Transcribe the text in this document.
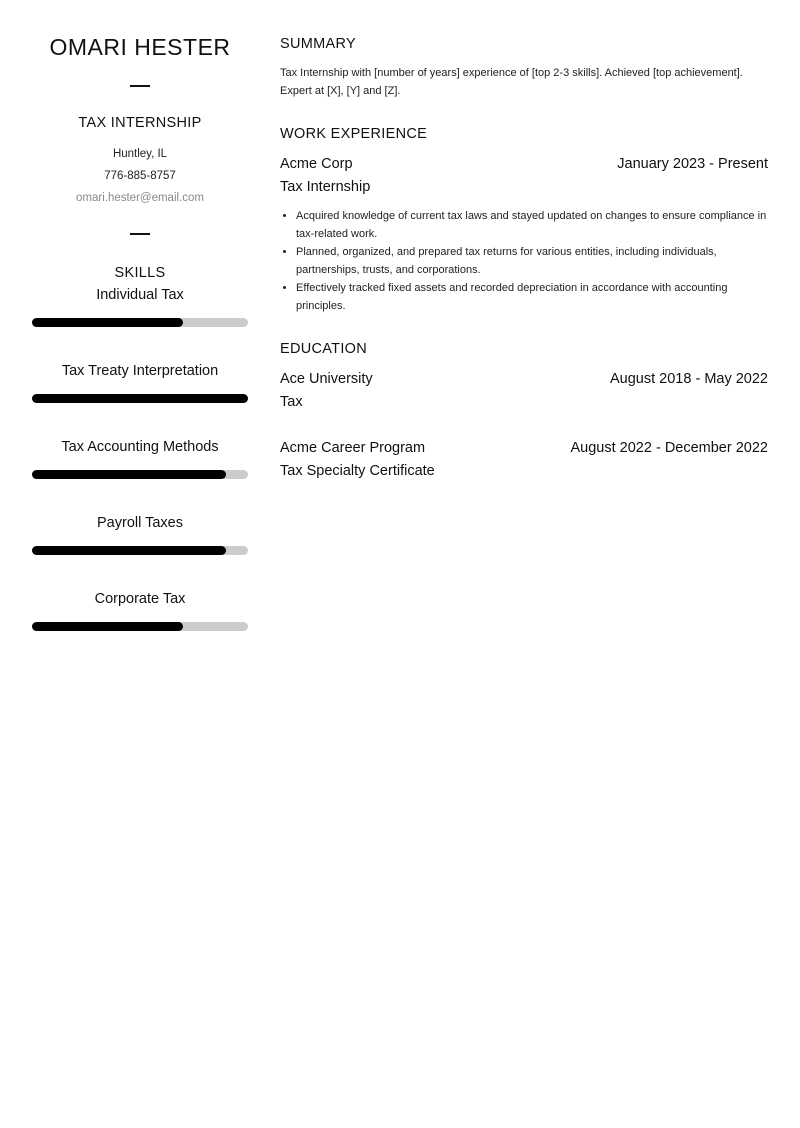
OMARI HESTER
TAX INTERNSHIP
Huntley, IL
776-885-8757
omari.hester@email.com
SKILLS
Individual Tax
Tax Treaty Interpretation
Tax Accounting Methods
Payroll Taxes
Corporate Tax
SUMMARY
Tax Internship with [number of years] experience of [top 2-3 skills]. Achieved [top achievement]. Expert at [X], [Y] and [Z].
WORK EXPERIENCE
Acme Corp	January 2023 - Present
Tax Internship
• Acquired knowledge of current tax laws and stayed updated on changes to ensure compliance in tax-related work.
• Planned, organized, and prepared tax returns for various entities, including individuals, partnerships, trusts, and corporations.
• Effectively tracked fixed assets and recorded depreciation in accordance with accounting principles.
EDUCATION
Ace University	August 2018 - May 2022
Tax
Acme Career Program	August 2022 - December 2022
Tax Specialty Certificate
